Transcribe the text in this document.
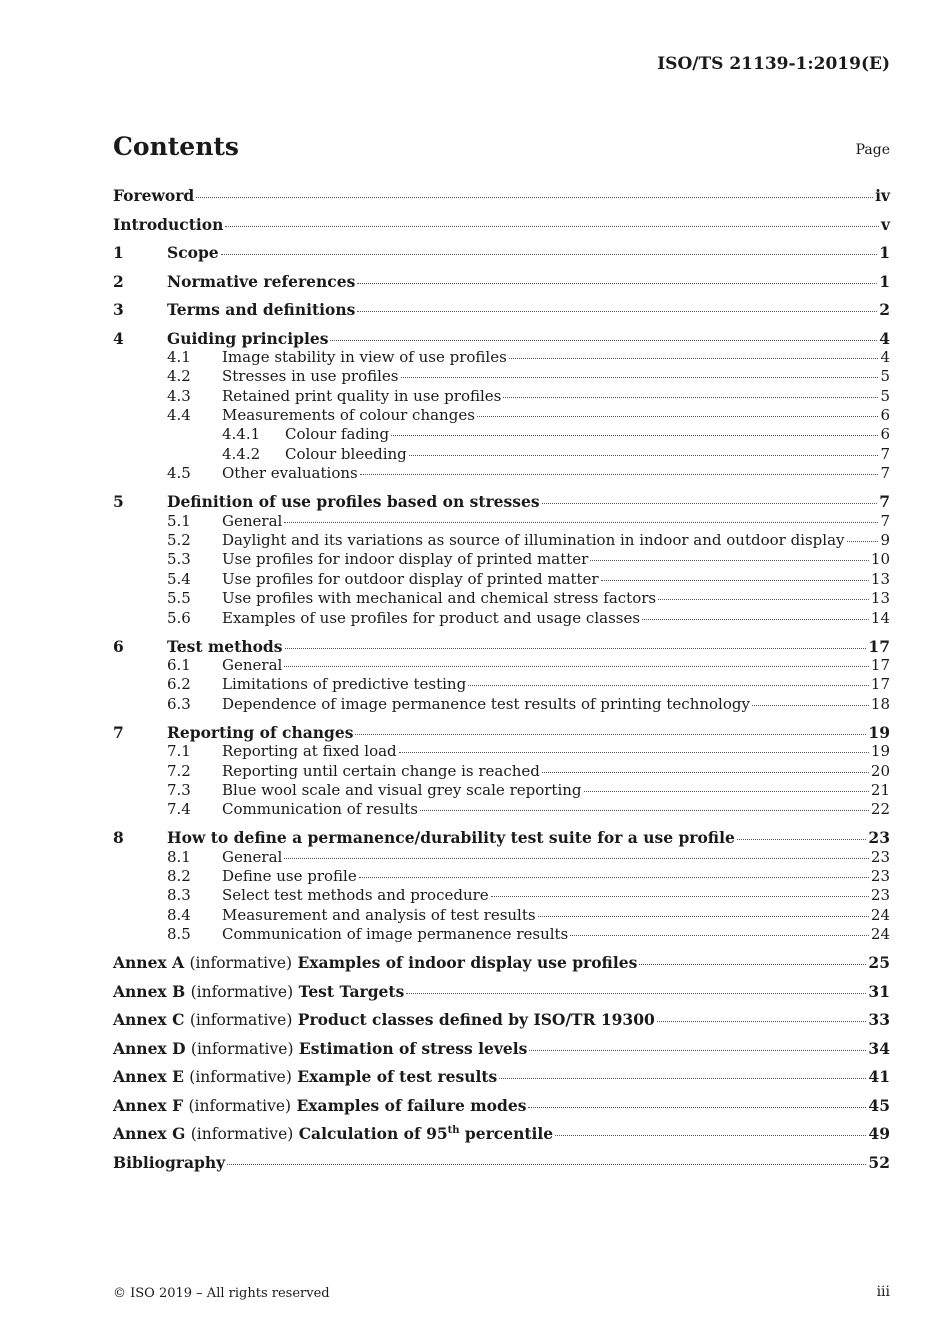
ISO/TS 21139-1:2019(E)
Contents	Page
Foreword	iv
Introduction	v
1	Scope	1
2	Normative references	1
3	Terms and definitions	2
4	Guiding principles	4
4.1	Image stability in view of use profiles	4
4.2	Stresses in use profiles	5
4.3	Retained print quality in use profiles	5
4.4	Measurements of colour changes	6
4.4.1	Colour fading	6
4.4.2	Colour bleeding	7
4.5	Other evaluations	7
5	Definition of use profiles based on stresses	7
5.1	General	7
5.2	Daylight and its variations as source of illumination in indoor and outdoor display 9
5.3	Use profiles for indoor display of printed matter	10
5.4	Use profiles for outdoor display of printed matter	13
5.5	Use profiles with mechanical and chemical stress factors	13
5.6	Examples of use profiles for product and usage classes	14
6	Test methods	17
6.1	General	17
6.2	Limitations of predictive testing	17
6.3	Dependence of image permanence test results of printing technology	18
7	Reporting of changes	19
7.1	Reporting at fixed load	19
7.2	Reporting until certain change is reached	20
7.3	Blue wool scale and visual grey scale reporting	21
7.4	Communication of results	22
8	How to define a permanence/durability test suite for a use profile	23
8.1	General	23
8.2	Define use profile	23
8.3	Select test methods and procedure	23
8.4	Measurement and analysis of test results	24
8.5	Communication of image permanence results	24
Annex A (informative) Examples of indoor display use profiles	25
Annex B (informative) Test Targets	31
Annex C (informative) Product classes defined by ISO/TR 19300	33
Annex D (informative) Estimation of stress levels	34
Annex E (informative) Example of test results	41
Annex F (informative) Examples of failure modes	45
Annex G (informative) Calculation of 95th percentile	49
Bibliography	52
© ISO 2019 – All rights reserved	iii
